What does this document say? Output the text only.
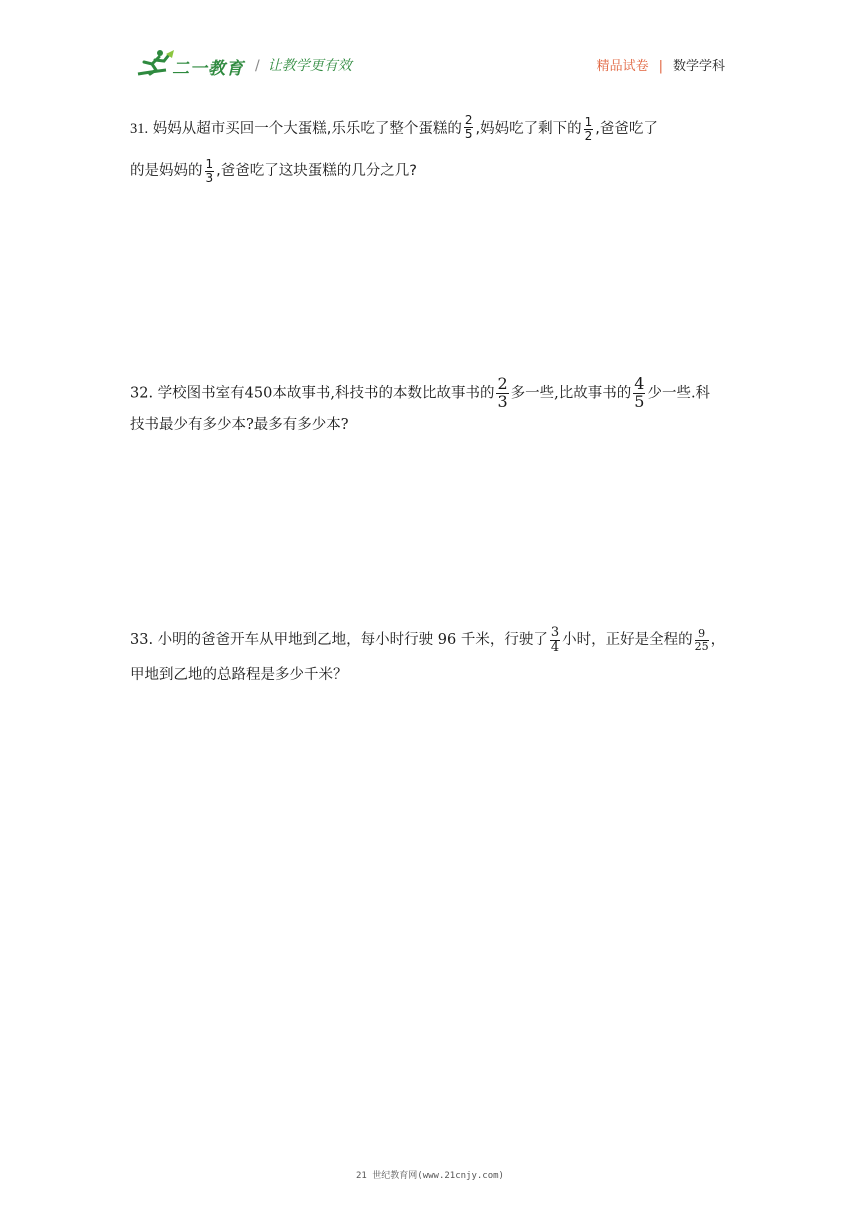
二一教育 / 让教学更有效	精品试卷 | 数学学科
31. 妈妈从超市买回一个大蛋糕,乐乐吃了整个蛋糕的 $\frac{2}{5}$ ,妈妈吃了剩下的 $\frac{1}{2}$ ,爸爸吃了
的是妈妈的 $\frac{1}{3}$ ,爸爸吃了这块蛋糕的几分之几?
32. 学校图书室有450本故事书,科技书的本数比故事书的 $\frac{2}{3}$ 多一些,比故事书的 $\frac{4}{5}$ 少一些.科
技书最少有多少本?最多有多少本?
33. 小明的爸爸开车从甲地到乙地，每小时行驶 96 千米，行驶了 $\frac{3}{4}$ 小时，正好是全程的 $\frac{9}{25}$ ，
甲地到乙地的总路程是多少千米？
21 世纪教育网(www.21cnjy.com)
